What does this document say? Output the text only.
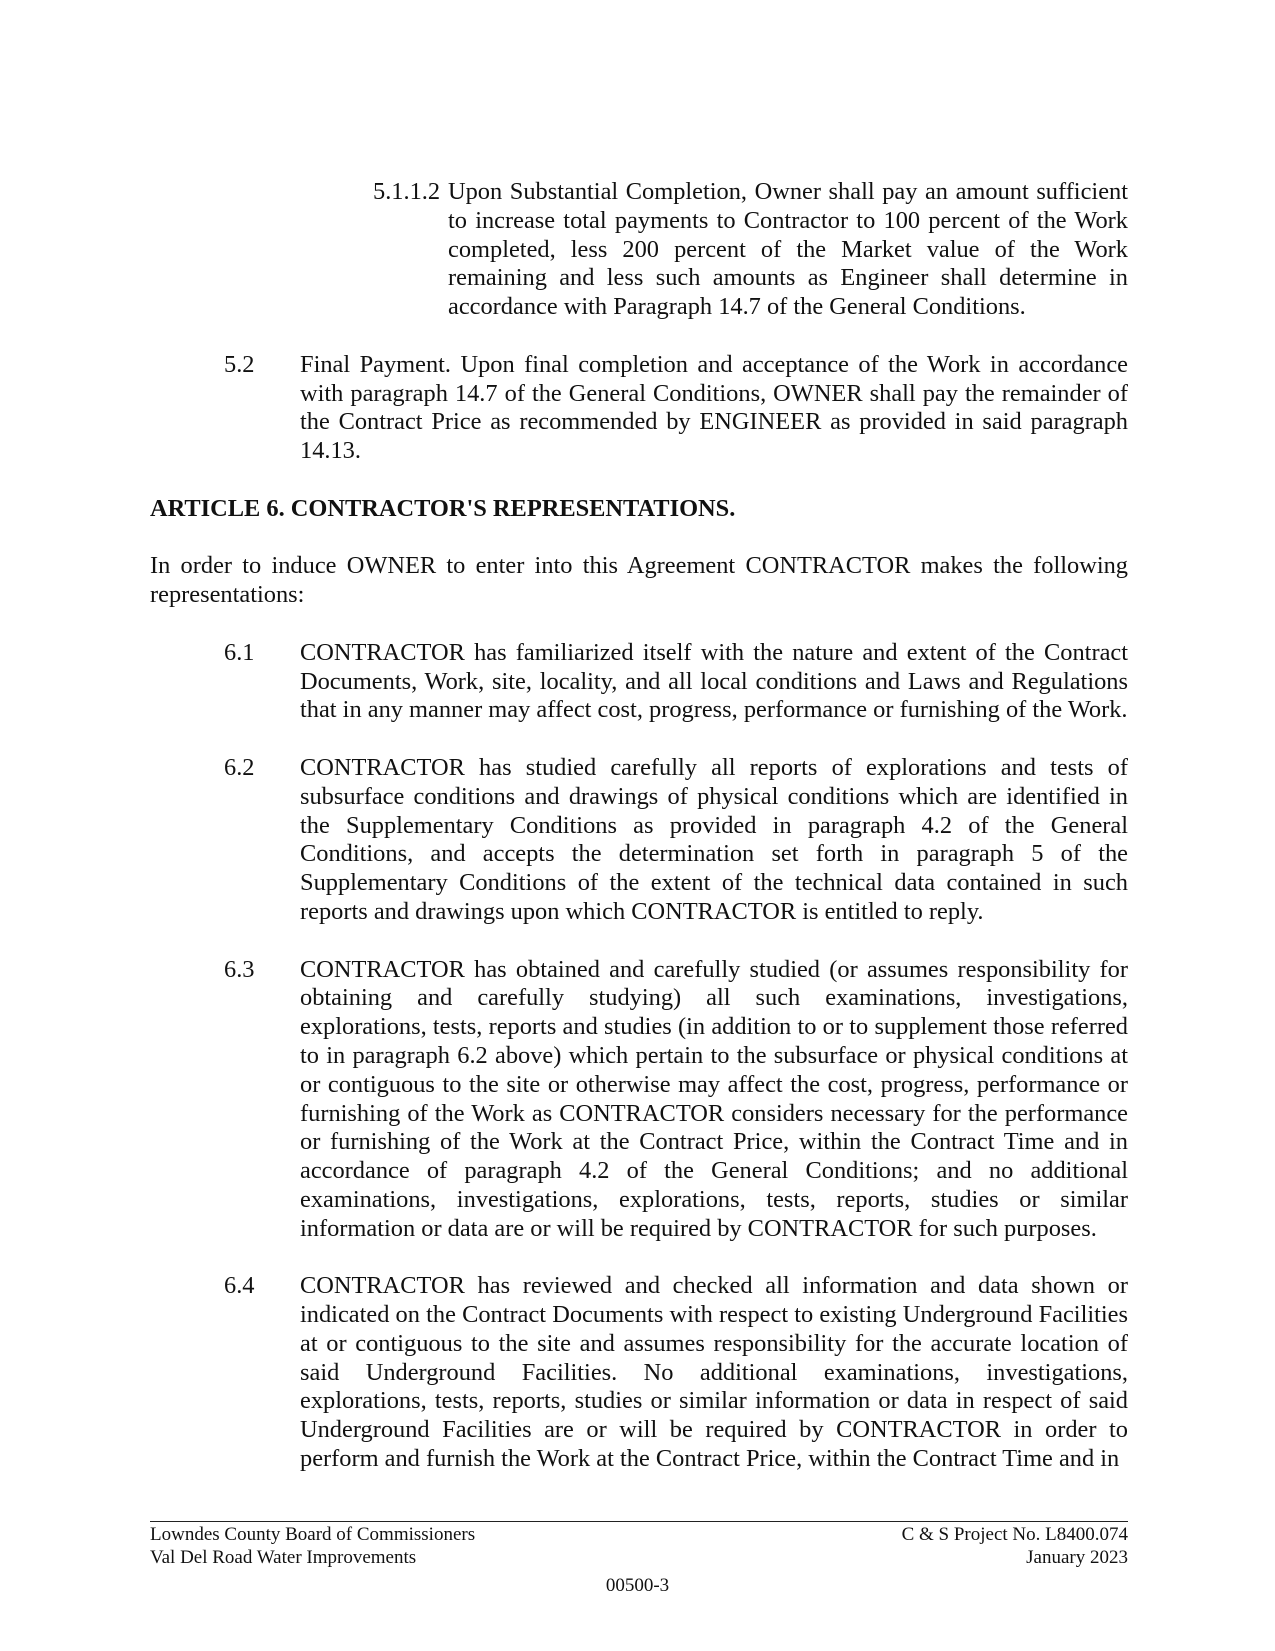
5.1.1.2 Upon Substantial Completion, Owner shall pay an amount sufficient to increase total payments to Contractor to 100 percent of the Work completed, less 200 percent of the Market value of the Work remaining and less such amounts as Engineer shall determine in accordance with Paragraph 14.7 of the General Conditions.
5.2	Final Payment. Upon final completion and acceptance of the Work in accordance with paragraph 14.7 of the General Conditions, OWNER shall pay the remainder of the Contract Price as recommended by ENGINEER as provided in said paragraph 14.13.

ARTICLE 6. CONTRACTOR'S REPRESENTATIONS.

In order to induce OWNER to enter into this Agreement CONTRACTOR makes the following representations:

6.1	CONTRACTOR has familiarized itself with the nature and extent of the Contract Documents, Work, site, locality, and all local conditions and Laws and Regulations that in any manner may affect cost, progress, performance or furnishing of the Work.
6.2	CONTRACTOR has studied carefully all reports of explorations and tests of subsurface conditions and drawings of physical conditions which are identified in the Supplementary Conditions as provided in paragraph 4.2 of the General Conditions, and accepts the determination set forth in paragraph 5 of the Supplementary Conditions of the extent of the technical data contained in such reports and drawings upon which CONTRACTOR is entitled to reply.
6.3	CONTRACTOR has obtained and carefully studied (or assumes responsibility for obtaining and carefully studying) all such examinations, investigations, explorations, tests, reports and studies (in addition to or to supplement those referred to in paragraph 6.2 above) which pertain to the subsurface or physical conditions at or contiguous to the site or otherwise may affect the cost, progress, performance or furnishing of the Work as CONTRACTOR considers necessary for the performance or furnishing of the Work at the Contract Price, within the Contract Time and in accordance of paragraph 4.2 of the General Conditions; and no additional examinations, investigations, explorations, tests, reports, studies or similar information or data are or will be required by CONTRACTOR for such purposes.
6.4	CONTRACTOR has reviewed and checked all information and data shown or indicated on the Contract Documents with respect to existing Underground Facilities at or contiguous to the site and assumes responsibility for the accurate location of said Underground Facilities. No additional examinations, investigations, explorations, tests, reports, studies or similar information or data in respect of said Underground Facilities are or will be required by CONTRACTOR in order to perform and furnish the Work at the Contract Price, within the Contract Time and in
Lowndes County Board of Commissioners	C & S Project No. L8400.074
Val Del Road Water Improvements	January 2023
00500-3
